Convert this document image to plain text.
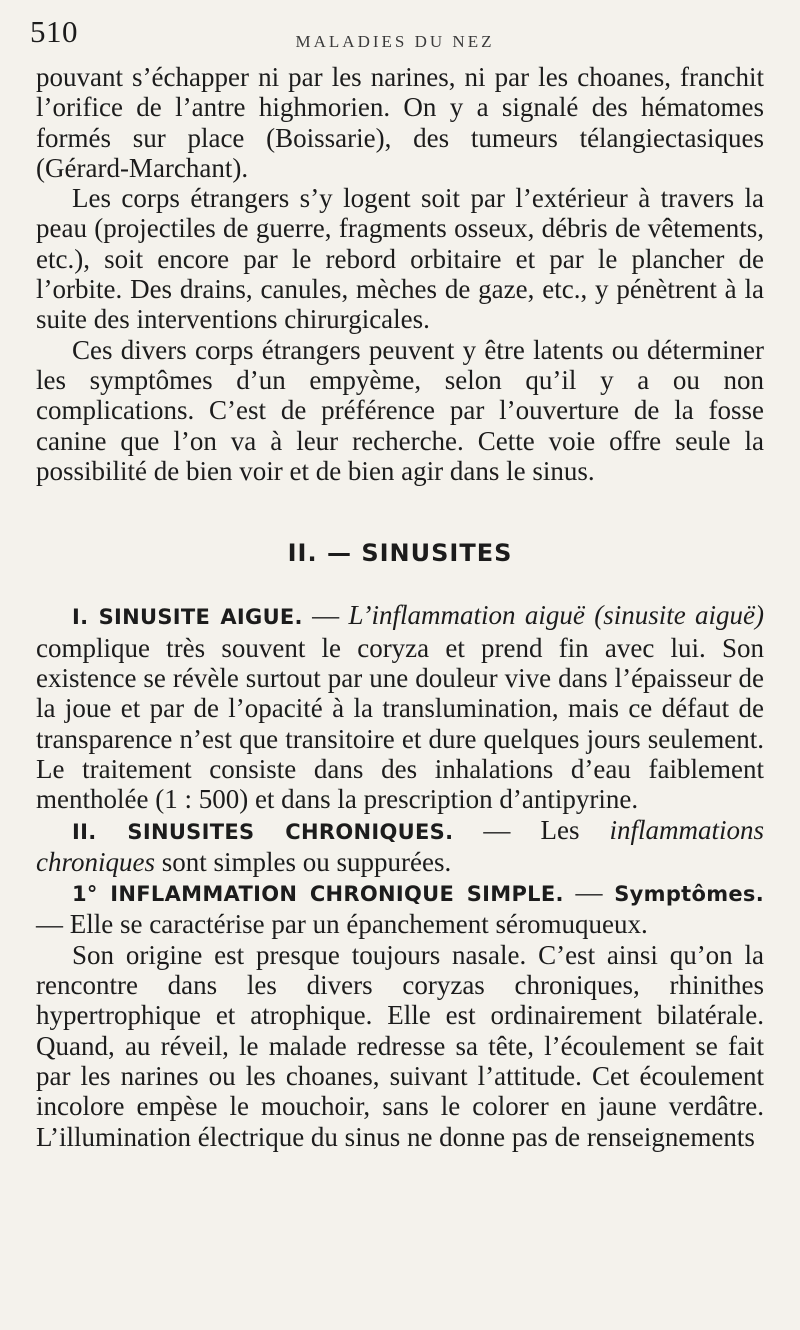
510	MALADIES DU NEZ

pouvant s’échapper ni par les narines, ni par les choanes, franchit l’orifice de l’antre highmorien. On y a signalé des hématomes formés sur place (Boissarie), des tumeurs télangiectasiques (Gérard-Marchant).

Les corps étrangers s’y logent soit par l’extérieur à travers la peau (projectiles de guerre, fragments osseux, débris de vêtements, etc.), soit encore par le rebord orbitaire et par le plancher de l’orbite. Des drains, canules, mèches de gaze, etc., y pénètrent à la suite des interventions chirurgicales.

Ces divers corps étrangers peuvent y être latents ou déterminer les symptômes d’un empyème, selon qu’il y a ou non complications. C’est de préférence par l’ouverture de la fosse canine que l’on va à leur recherche. Cette voie offre seule la possibilité de bien voir et de bien agir dans le sinus.

II. — SINUSITES

I. SINUSITE AIGUE. — L’inflammation aiguë (sinusite aiguë) complique très souvent le coryza et prend fin avec lui. Son existence se révèle surtout par une douleur vive dans l’épaisseur de la joue et par de l’opacité à la translumination, mais ce défaut de transparence n’est que transitoire et dure quelques jours seulement. Le traitement consiste dans des inhalations d’eau faiblement mentholée (1 : 500) et dans la prescription d’antipyrine.

II. SINUSITES CHRONIQUES. — Les inflammations chroniques sont simples ou suppurées.

1° INFLAMMATION CHRONIQUE SIMPLE. — Symptômes. — Elle se caractérise par un épanchement séromuqueux.

Son origine est presque toujours nasale. C’est ainsi qu’on la rencontre dans les divers coryzas chroniques, rhinithes hypertrophique et atrophique. Elle est ordinairement bilatérale. Quand, au réveil, le malade redresse sa tête, l’écoulement se fait par les narines ou les choanes, suivant l’attitude. Cet écoulement incolore empèse le mouchoir, sans le colorer en jaune verdâtre. L’illumination électrique du sinus ne donne pas de renseignements
